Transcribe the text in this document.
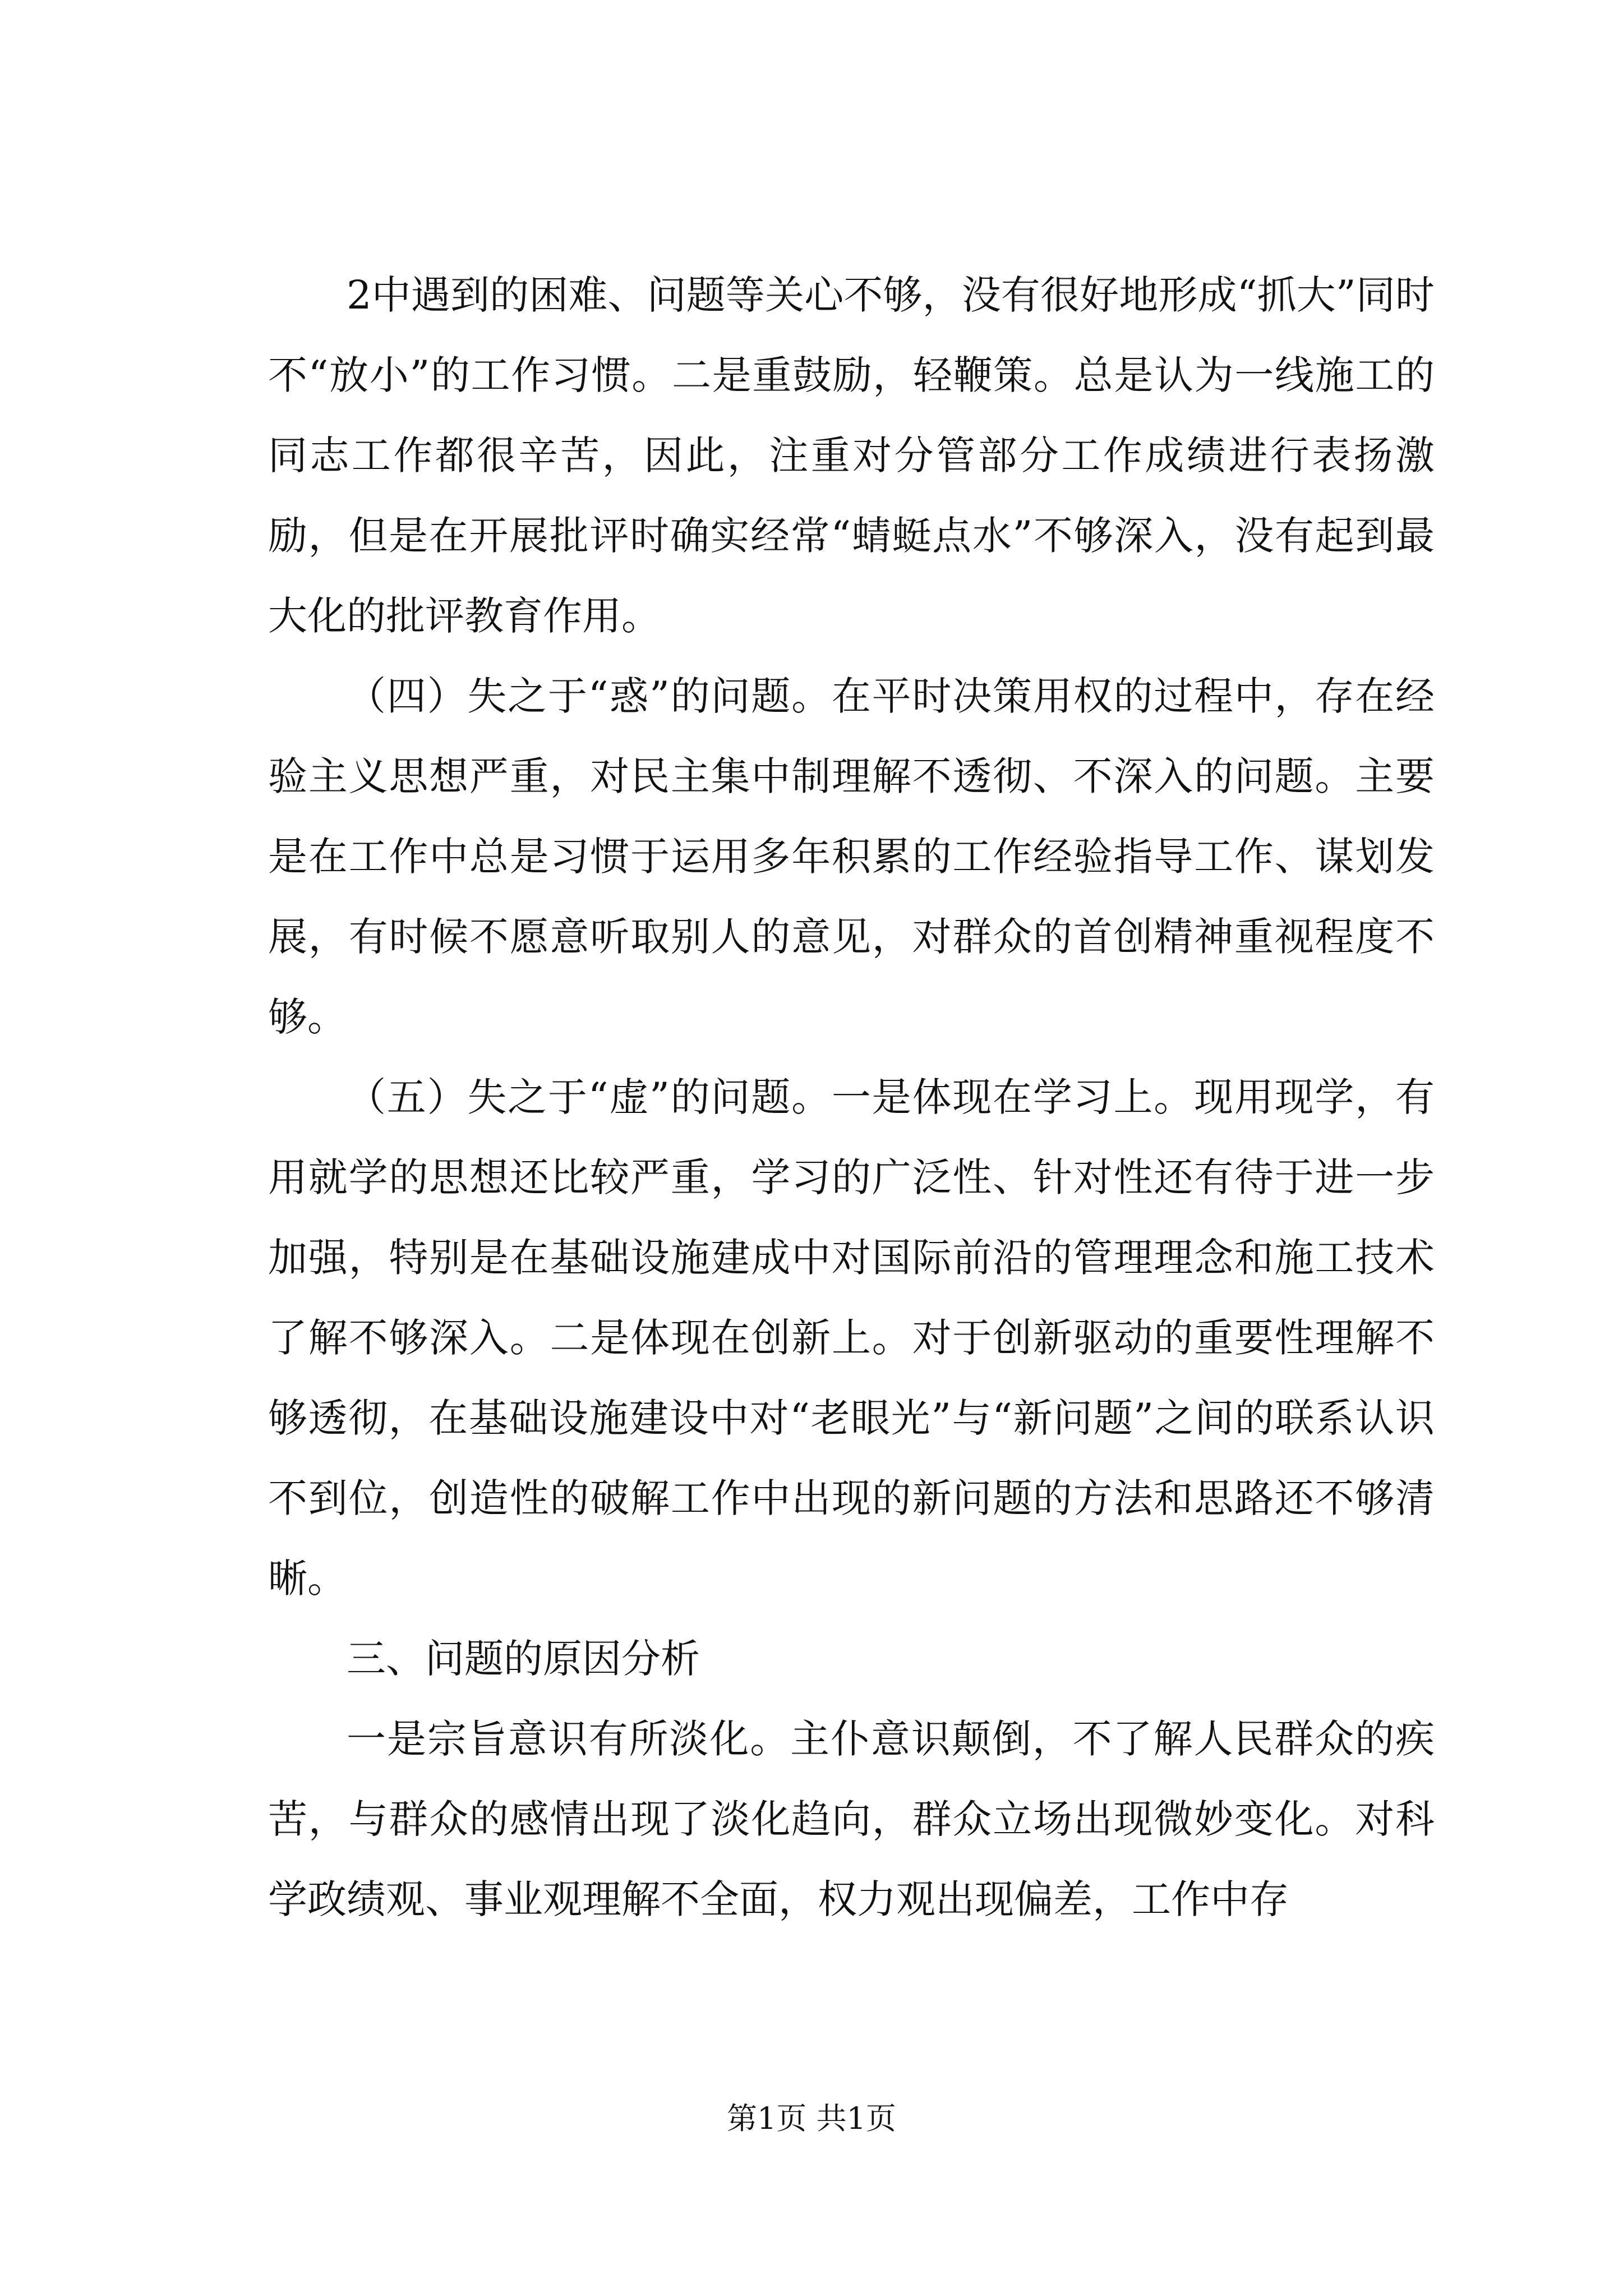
2中遇到的困难、问题等关心不够，没有很好地形成“抓大”同时不“放小”的工作习惯。二是重鼓励，轻鞭策。总是认为一线施工的同志工作都很辛苦，因此，注重对分管部分工作成绩进行表扬激励，但是在开展批评时确实经常“蜻蜓点水”不够深入，没有起到最大化的批评教育作用。

（四）失之于“惑”的问题。在平时决策用权的过程中，存在经验主义思想严重，对民主集中制理解不透彻、不深入的问题。主要是在工作中总是习惯于运用多年积累的工作经验指导工作、谋划发展，有时候不愿意听取别人的意见，对群众的首创精神重视程度不够。

（五）失之于“虚”的问题。一是体现在学习上。现用现学，有用就学的思想还比较严重，学习的广泛性、针对性还有待于进一步加强，特别是在基础设施建成中对国际前沿的管理理念和施工技术了解不够深入。二是体现在创新上。对于创新驱动的重要性理解不够透彻，在基础设施建设中对“老眼光”与“新问题”之间的联系认识不到位，创造性的破解工作中出现的新问题的方法和思路还不够清晰。

三、问题的原因分析

一是宗旨意识有所淡化。主仆意识颠倒，不了解人民群众的疾苦，与群众的感情出现了淡化趋向，群众立场出现微妙变化。对科学政绩观、事业观理解不全面，权力观出现偏差，工作中存

第1页 共1页
